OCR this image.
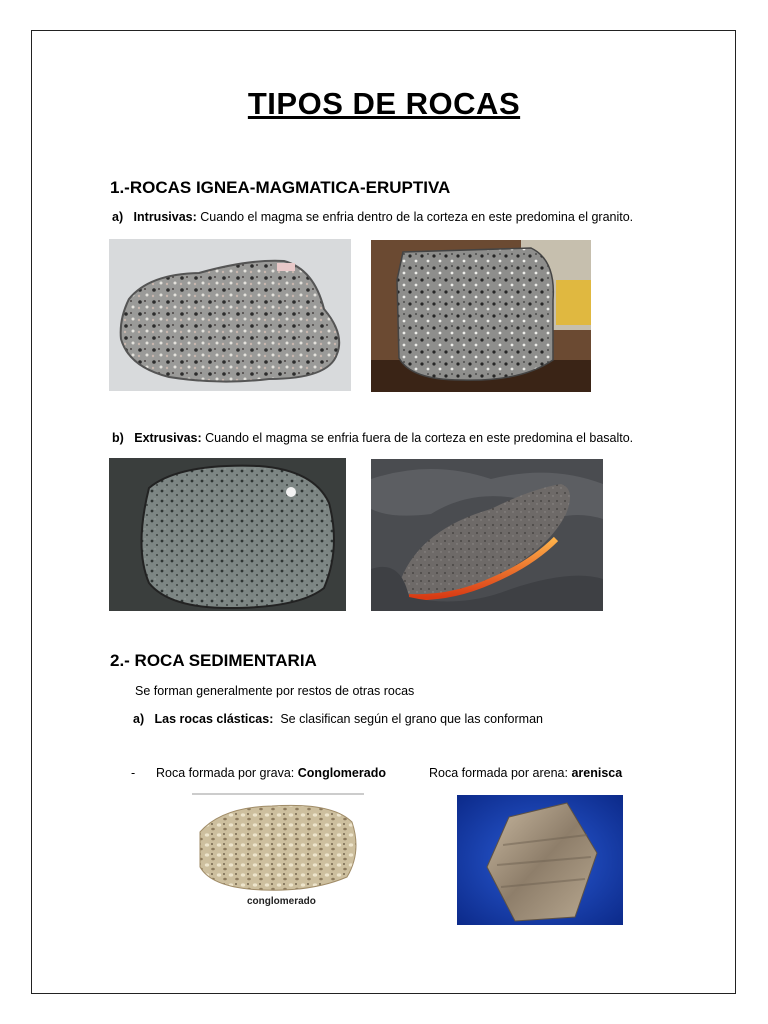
TIPOS DE ROCAS
1.-ROCAS IGNEA-MAGMATICA-ERUPTIVA
a) Intrusivas: Cuando el magma se enfria dentro de la corteza en este predomina el granito.
b) Extrusivas: Cuando el magma se enfria fuera de la corteza en este predomina el basalto.
2.- ROCA SEDIMENTARIA
Se forman generalmente por restos de otras rocas
a) Las rocas clásticas: Se clasifican según el grano que las conforman
- Roca formada por grava: Conglomerado	Roca formada por arena: arenisca
conglomerado
